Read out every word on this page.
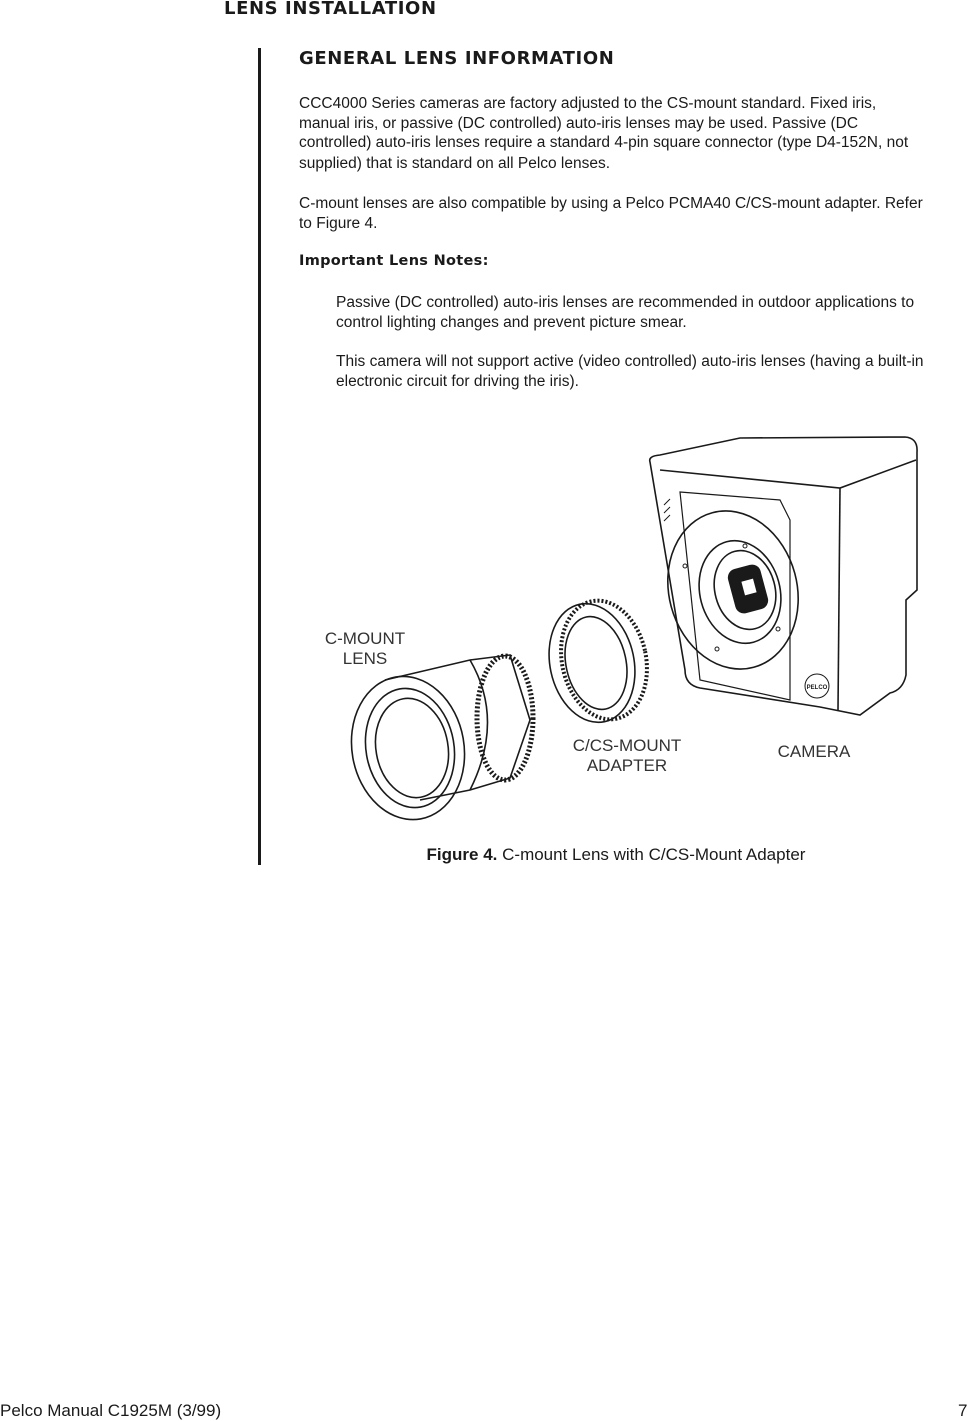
LENS INSTALLATION
GENERAL LENS INFORMATION
CCC4000 Series cameras are factory adjusted to the CS-mount standard. Fixed iris,
manual iris, or passive (DC controlled) auto-iris lenses may be used. Passive (DC
controlled) auto-iris lenses require a standard 4-pin square connector (type D4-152N, not
supplied) that is standard on all Pelco lenses.
C-mount lenses are also compatible by using a Pelco PCMA40 C/CS-mount adapter. Refer
to Figure 4.
Important Lens Notes:
Passive (DC controlled) auto-iris lenses are recommended in outdoor applications to
control lighting changes and prevent picture smear.
This camera will not support active (video controlled) auto-iris lenses (having a built-in
electronic circuit for driving the iris).
PELCO
C-MOUNT
LENS
C/CS-MOUNT
ADAPTER
CAMERA
Figure 4. C-mount Lens with C/CS-Mount Adapter
Pelco Manual C1925M (3/99)	7
